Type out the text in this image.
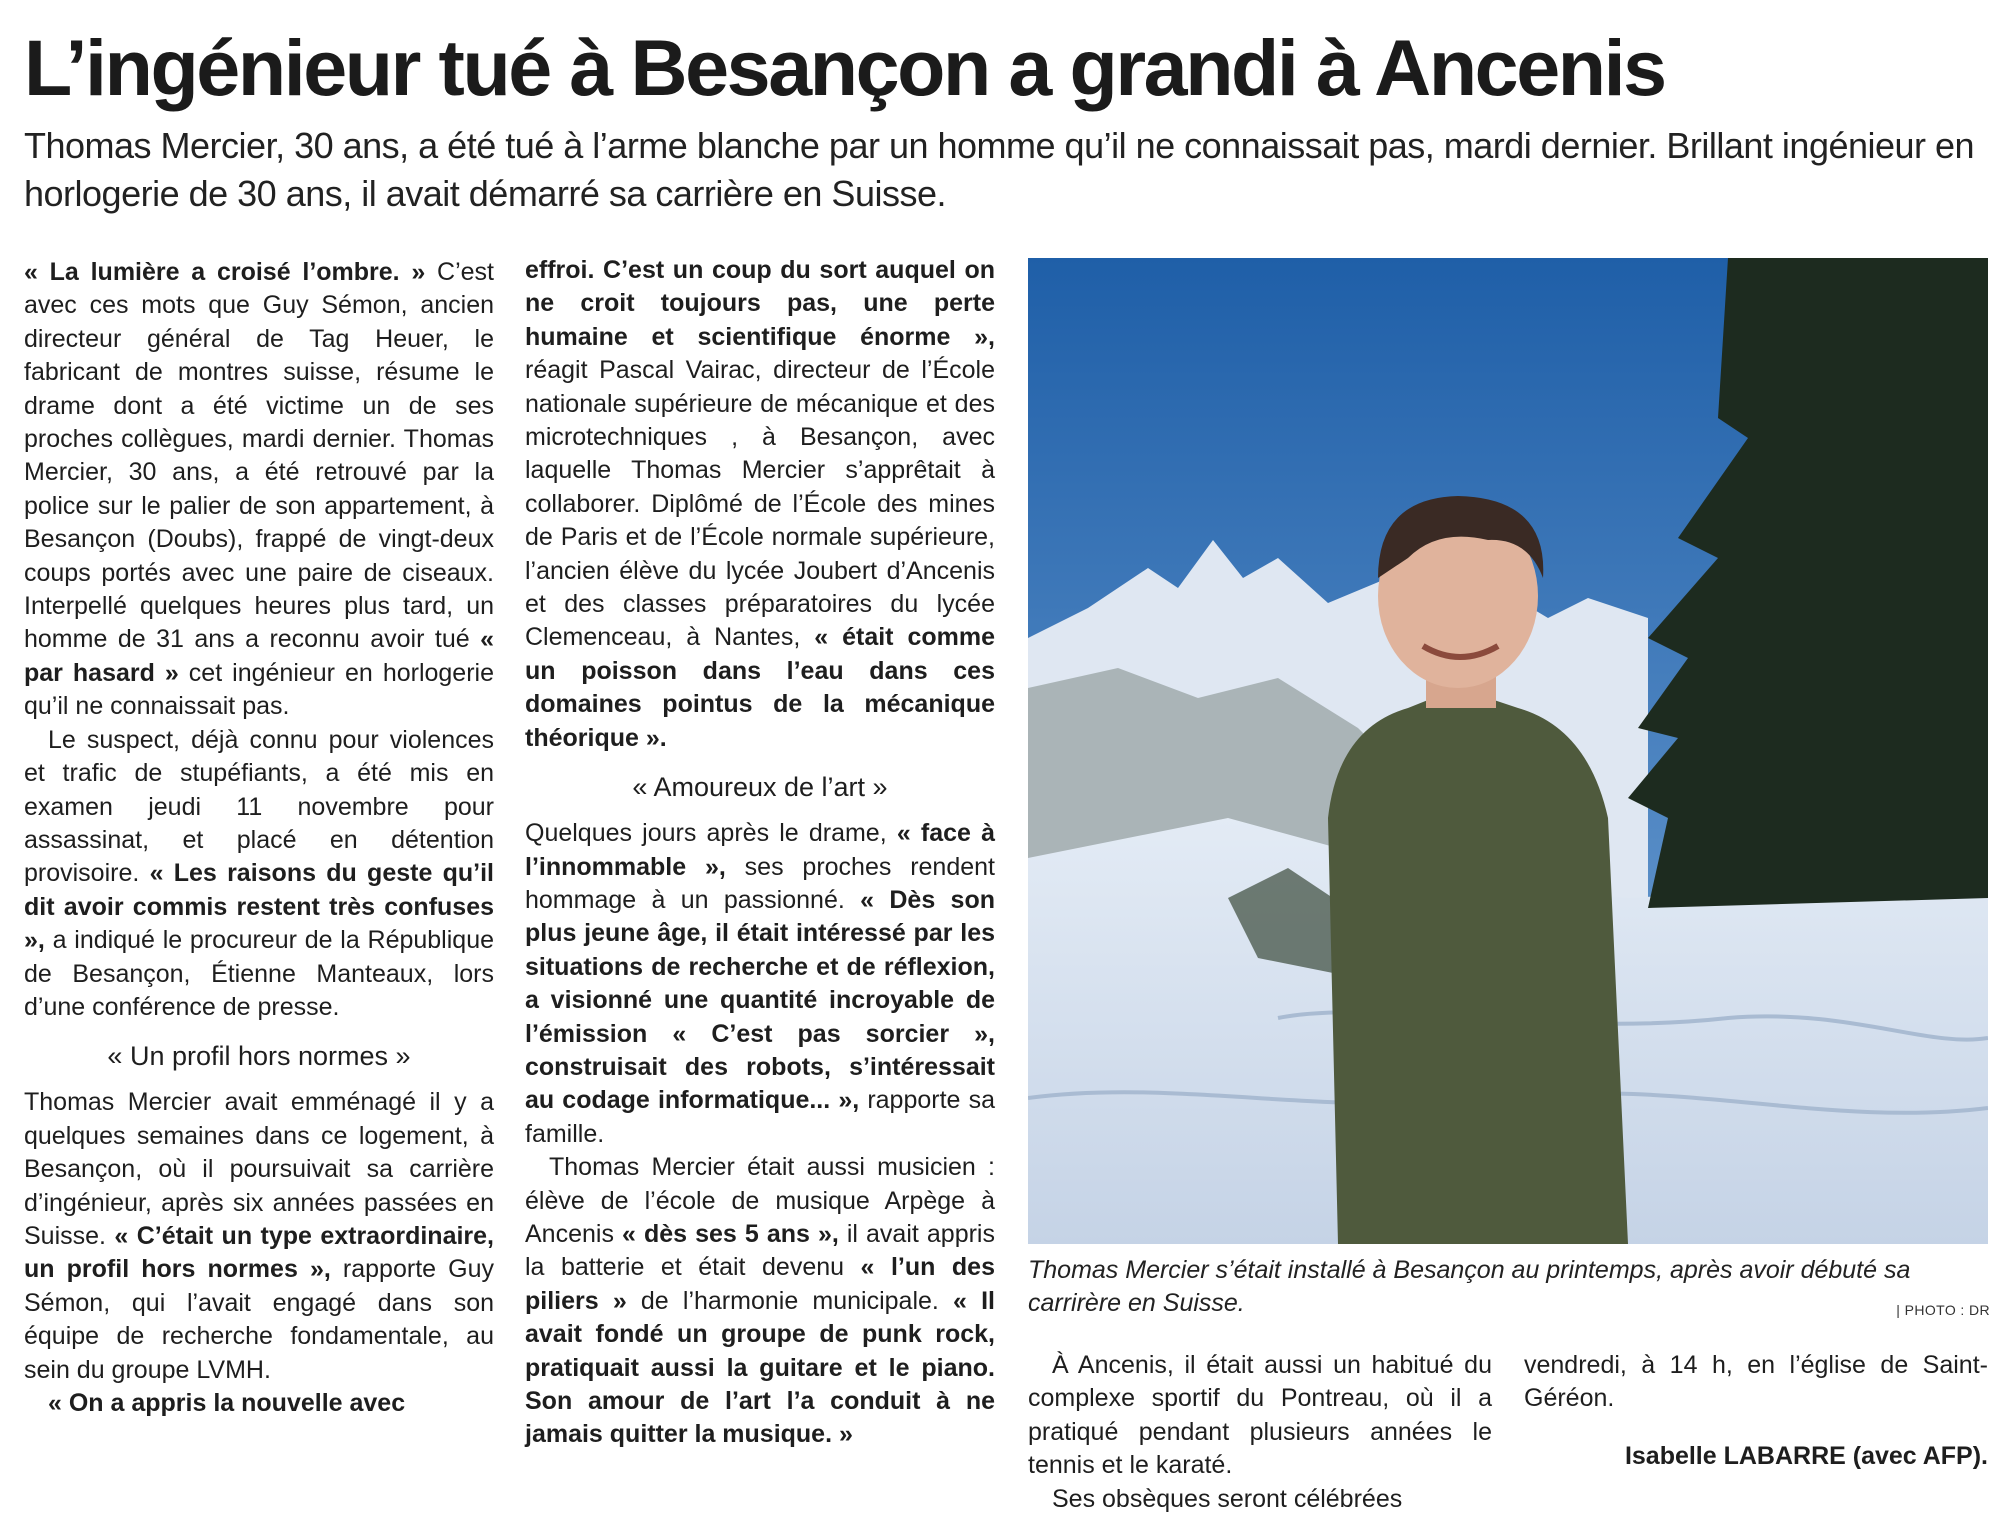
L’ingénieur tué à Besançon a grandi à Ancenis

Thomas Mercier, 30 ans, a été tué à l’arme blanche par un homme qu’il ne connaissait pas, mardi dernier. Brillant ingénieur en horlogerie de 30 ans, il avait démarré sa carrière en Suisse.

« La lumière a croisé l’ombre. » C’est avec ces mots que Guy Sémon, ancien directeur général de Tag Heuer, le fabricant de montres suisse, résume le drame dont a été victime un de ses proches collègues, mardi dernier. Thomas Mercier, 30 ans, a été retrouvé par la police sur le palier de son appartement, à Besançon (Doubs), frappé de vingt-deux coups portés avec une paire de ciseaux. Interpellé quelques heures plus tard, un homme de 31 ans a reconnu avoir tué « par hasard » cet ingénieur en horlogerie qu’il ne connaissait pas.

Le suspect, déjà connu pour violences et trafic de stupéfiants, a été mis en examen jeudi 11 novembre pour assassinat, et placé en détention provisoire. « Les raisons du geste qu’il dit avoir commis restent très confuses », a indiqué le procureur de la République de Besançon, Étienne Manteaux, lors d’une conférence de presse.

« Un profil hors normes »

Thomas Mercier avait emménagé il y a quelques semaines dans ce logement, à Besançon, où il poursuivait sa carrière d’ingénieur, après six années passées en Suisse. « C’était un type extraordinaire, un profil hors normes », rapporte Guy Sémon, qui l’avait engagé dans son équipe de recherche fondamentale, au sein du groupe LVMH.

« On a appris la nouvelle avec

effroi. C’est un coup du sort auquel on ne croit toujours pas, une perte humaine et scientifique énorme », réagit Pascal Vairac, directeur de l’École nationale supérieure de mécanique et des microtechniques , à Besançon, avec laquelle Thomas Mercier s’apprêtait à collaborer. Diplômé de l’École des mines de Paris et de l’École normale supérieure, l’ancien élève du lycée Joubert d’Ancenis et des classes préparatoires du lycée Clemenceau, à Nantes, « était comme un poisson dans l’eau dans ces domaines pointus de la mécanique théorique ».

« Amoureux de l’art »

Quelques jours après le drame, « face à l’innommable », ses proches rendent hommage à un passionné. « Dès son plus jeune âge, il était intéressé par les situations de recherche et de réflexion, a visionné une quantité incroyable de l’émission « C’est pas sorcier », construisait des robots, s’intéressait au codage informatique... », rapporte sa famille.

Thomas Mercier était aussi musicien : élève de l’école de musique Arpège à Ancenis « dès ses 5 ans », il avait appris la batterie et était devenu « l’un des piliers » de l’harmonie municipale. « Il avait fondé un groupe de punk rock, pratiquait aussi la guitare et le piano. Son amour de l’art l’a conduit à ne jamais quitter la musique. »

Thomas Mercier s’était installé à Besançon au printemps, après avoir débuté sa carrirère en Suisse.	| PHOTO : DR

À Ancenis, il était aussi un habitué du complexe sportif du Pontreau, où il a pratiqué pendant plusieurs années le tennis et le karaté.

Ses obsèques seront célébrées

vendredi, à 14 h, en l’église de Saint-Géréon.

Isabelle LABARRE (avec AFP).
